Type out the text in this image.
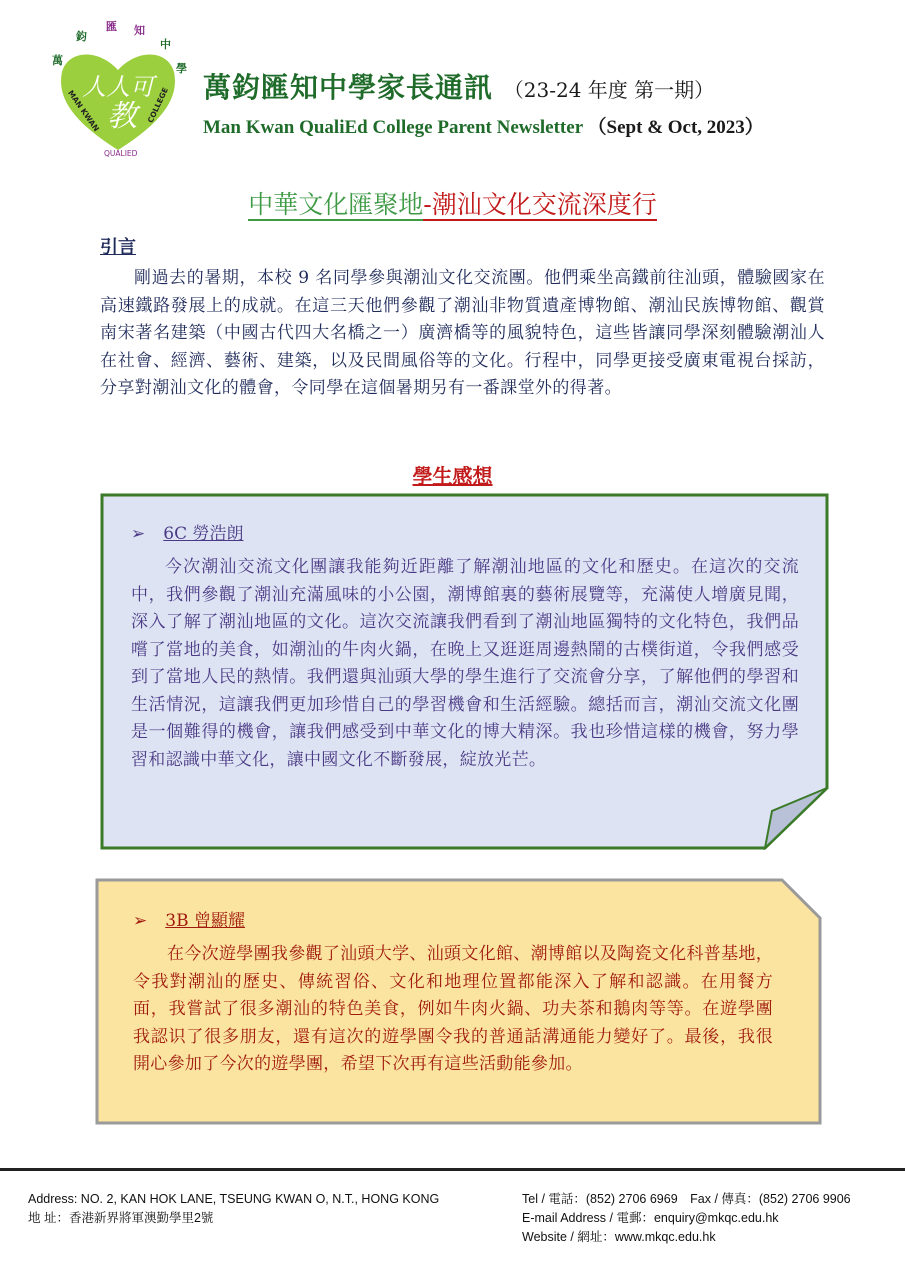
萬
鈞
匯 知
中
學
人人可
教
MAN KWAN
QUALIED
COLLEGE 萬鈞匯知中學家長通訊 （23-24 年度 第一期）
Man Kwan QualiEd College Parent Newsletter （Sept & Oct, 2023）
中華文化匯聚地-潮汕文化交流深度行
引言
剛過去的暑期，本校 9 名同學參與潮汕文化交流團。他們乘坐高鐵前往汕頭，體驗國家在高速鐵路發展上的成就。在這三天他們參觀了潮汕非物質遺產博物館、潮汕民族博物館、觀賞南宋著名建築（中國古代四大名橋之一）廣濟橋等的風貌特色，這些皆讓同學深刻體驗潮汕人在社會、經濟、藝術、建築，以及民間風俗等的文化。行程中，同學更接受廣東電視台採訪，分享對潮汕文化的體會，令同學在這個暑期另有一番課堂外的得著。
學生感想
➢ 6C 勞浩朗
今次潮汕交流文化團讓我能夠近距離了解潮汕地區的文化和歷史。在這次的交流中，我們參觀了潮汕充滿風味的小公園，潮博館裏的藝術展覽等，充滿使人增廣見聞，深入了解了潮汕地區的文化。這次交流讓我們看到了潮汕地區獨特的文化特色，我們品嚐了當地的美食，如潮汕的牛肉火鍋，在晚上又逛逛周邊熱鬧的古樸街道，令我們感受到了當地人民的熱情。我們還與汕頭大學的學生進行了交流會分享，了解他們的學習和生活情況，這讓我們更加珍惜自己的學習機會和生活經驗。總括而言，潮汕交流文化團是一個難得的機會，讓我們感受到中華文化的博大精深。我也珍惜這樣的機會，努力學習和認識中華文化，讓中國文化不斷發展，綻放光芒。
➢ 3B 曾顯耀
在今次遊學團我參觀了汕頭大学、汕頭文化館、潮博館以及陶瓷文化科普基地，令我對潮汕的歷史、傳統習俗、文化和地理位置都能深入了解和認識。在用餐方面，我嘗試了很多潮汕的特色美食，例如牛肉火鍋、功夫茶和鵝肉等等。在遊學團我認识了很多朋友，還有這次的遊學團令我的普通話溝通能力變好了。最後，我很開心參加了今次的遊學團，希望下次再有這些活動能參加。
Address: NO. 2, KAN HOK LANE, TSEUNG KWAN O, N.T., HONG KONG
地 址：香港新界將軍澳勤學里2號
Tel / 電話：(852) 2706 6969　Fax / 傳真：(852) 2706 9906
E-mail Address / 電郵：enquiry@mkqc.edu.hk
Website / 網址：www.mkqc.edu.hk
